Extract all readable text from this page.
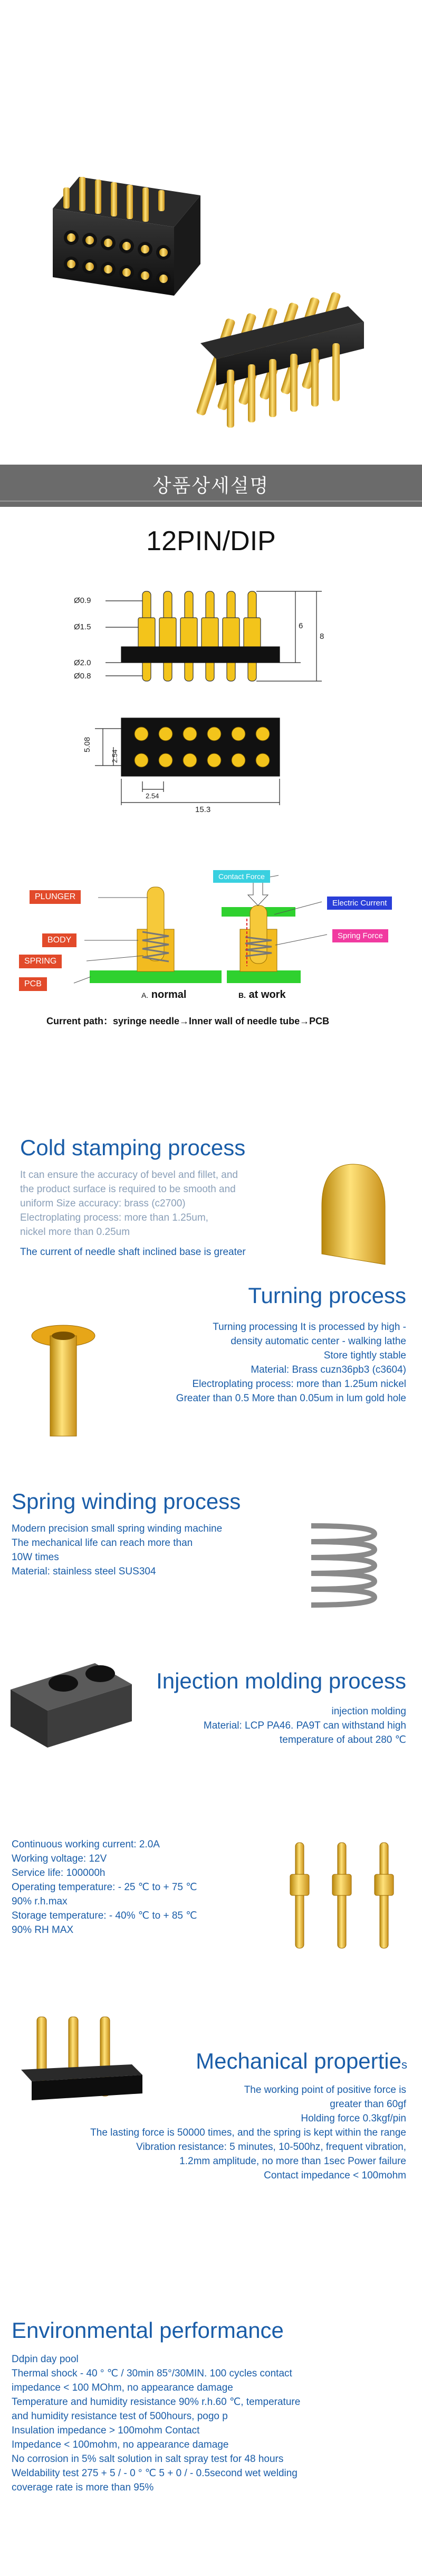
상품상세설명
12PIN/DIP
Ø0.9
Ø1.5
Ø2.0
Ø0.8
6
8
5.08
2.54
2.54
15.3
PLUNGER
BODY
SPRING
PCB
Contact Force
Electric Current
Spring Force
A. normal	B. at work
Current path：syringe needle→Inner wall of needle tube→PCB
Cold stamping process
It can ensure the accuracy of bevel and fillet, and
the product surface is required to be smooth and
uniform Size accuracy: brass (c2700)
Electroplating process: more than 1.25um,
nickel more than 0.25um
The current of needle shaft inclined base is greater
Turning process
Turning processing It is processed by high -
density automatic center - walking lathe
Store tightly stable
Material: Brass cuzn36pb3 (c3604)
Electroplating process: more than 1.25um nickel
Greater than 0.5 More than 0.05um in lum gold hole
Spring winding process
Modern precision small spring winding machine
The mechanical life can reach more than
10W times
Material: stainless steel SUS304
Injection molding process
injection molding
Material: LCP PA46. PA9T can withstand high
temperature of about 280 ℃
Continuous working current: 2.0A
Working voltage: 12V
Service life: 100000h
Operating temperature: - 25 ℃ to + 75 ℃
90% r.h.max
Storage temperature: - 40% ℃ to + 85 ℃
90% RH MAX
Mechanical properties
The working point of positive force is
greater than 60gf
Holding force 0.3kgf/pin
The lasting force is 50000 times, and the spring is kept within the range
Vibration resistance: 5 minutes, 10-500hz, frequent vibration,
1.2mm amplitude, no more than 1sec Power failure
Contact impedance < 100mohm
Environmental performance
Ddpin day pool
Thermal shock - 40 ° ℃ / 30min 85°/30MIN. 100 cycles contact
impedance < 100 MOhm, no appearance damage
Temperature and humidity resistance 90% r.h.60 ℃, temperature
and humidity resistance test of 500hours, pogo p
Insulation impedance > 100mohm Contact
Impedance < 100mohm, no appearance damage
No corrosion in 5% salt solution in salt spray test for 48 hours
Weldability test 275 + 5 / - 0 ° ℃ 5 + 0 / - 0.5second wet welding
coverage rate is more than 95%
